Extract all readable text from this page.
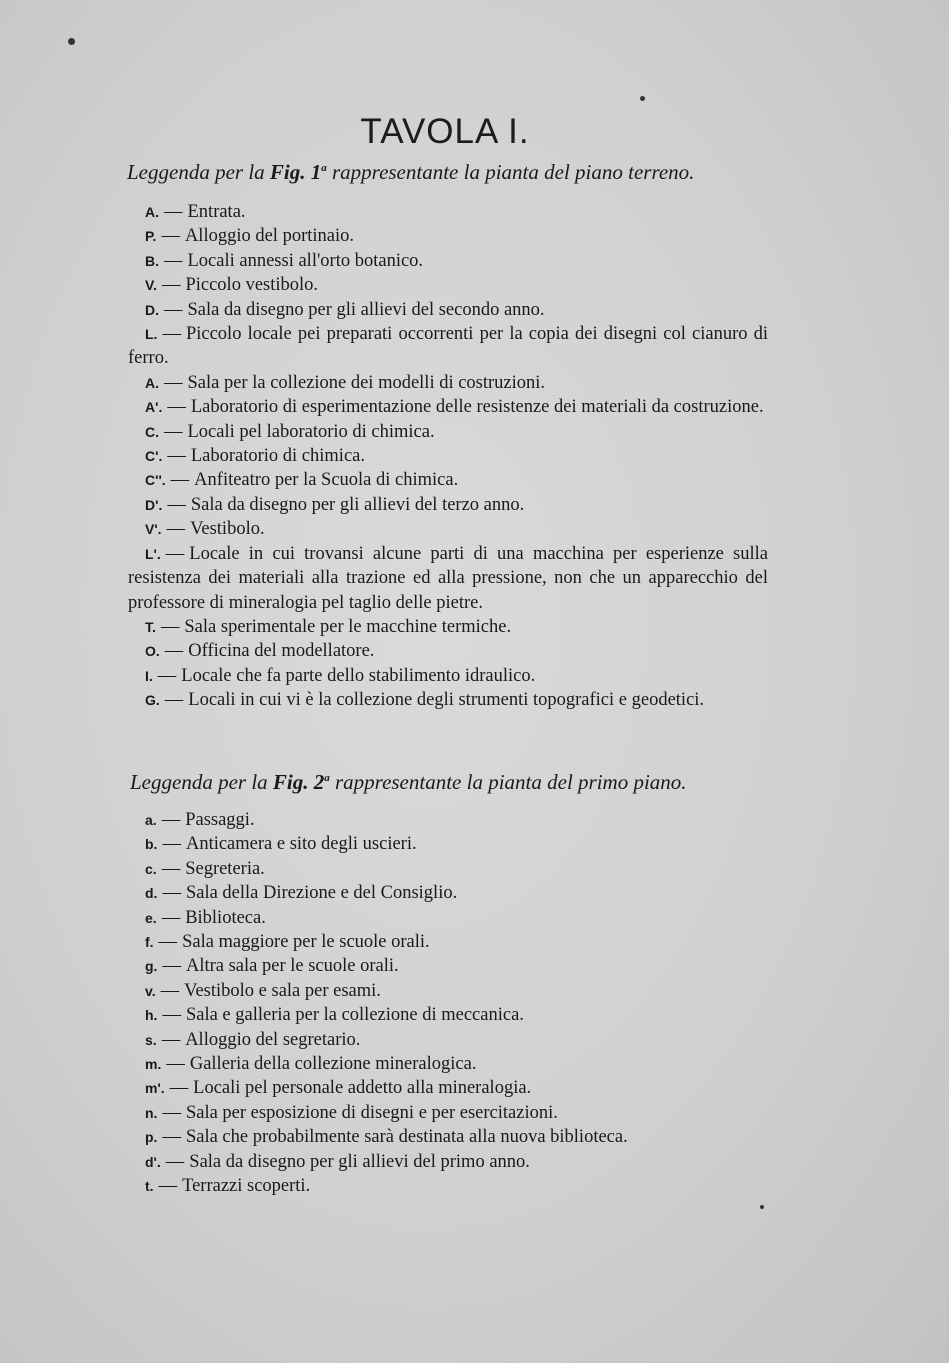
TAVOLA I.
Leggenda per la Fig. 1$^a$ rappresentante la pianta del piano terreno.
A. — Entrata.
P. — Alloggio del portinaio.
B. — Locali annessi all'orto botanico.
V. — Piccolo vestibolo.
D. — Sala da disegno per gli allievi del secondo anno.
L. — Piccolo locale pei preparati occorrenti per la copia dei disegni col cianuro di ferro.
A. — Sala per la collezione dei modelli di costruzioni.
A'. — Laboratorio di esperimentazione delle resistenze dei materiali da costruzione.
C. — Locali pel laboratorio di chimica.
C'. — Laboratorio di chimica.
C''. — Anfiteatro per la Scuola di chimica.
D'. — Sala da disegno per gli allievi del terzo anno.
V'. — Vestibolo.
L'. — Locale in cui trovansi alcune parti di una macchina per esperienze sulla resistenza dei materiali alla trazione ed alla pressione, non che un apparecchio del professore di mineralogia pel taglio delle pietre.
T. — Sala sperimentale per le macchine termiche.
O. — Officina del modellatore.
I. — Locale che fa parte dello stabilimento idraulico.
G. — Locali in cui vi è la collezione degli strumenti topografici e geodetici.
Leggenda per la Fig. 2$^a$ rappresentante la pianta del primo piano.
a. — Passaggi.
b. — Anticamera e sito degli uscieri.
c. — Segreteria.
d. — Sala della Direzione e del Consiglio.
e. — Biblioteca.
f. — Sala maggiore per le scuole orali.
g. — Altra sala per le scuole orali.
v. — Vestibolo e sala per esami.
h. — Sala e galleria per la collezione di meccanica.
s. — Alloggio del segretario.
m. — Galleria della collezione mineralogica.
m'. — Locali pel personale addetto alla mineralogia.
n. — Sala per esposizione di disegni e per esercitazioni.
p. — Sala che probabilmente sarà destinata alla nuova biblioteca.
d'. — Sala da disegno per gli allievi del primo anno.
t. — Terrazzi scoperti.
